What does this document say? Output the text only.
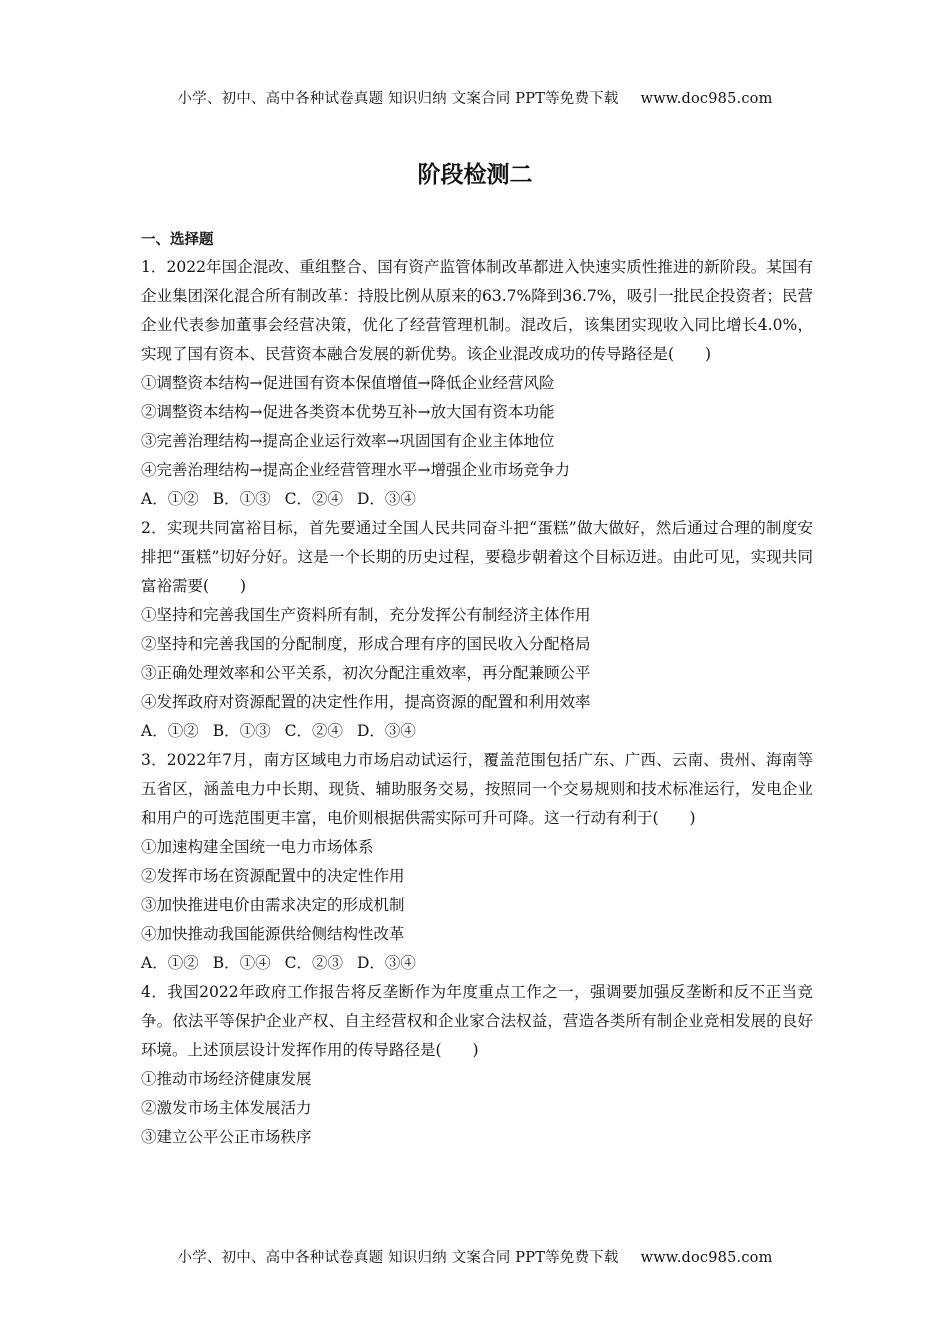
小学、初中、高中各种试卷真题 知识归纳 文案合同 PPT等免费下载 www.doc985.com
阶段检测二
一、选择题

1．2022年国企混改、重组整合、国有资产监管体制改革都进入快速实质性推进的新阶段。某国有企业集团深化混合所有制改革：持股比例从原来的63.7%降到36.7%，吸引一批民企投资者；民营企业代表参加董事会经营决策，优化了经营管理机制。混改后，该集团实现收入同比增长4.0%，实现了国有资本、民营资本融合发展的新优势。该企业混改成功的传导路径是(　　)

①调整资本结构→促进国有资本保值增值→降低企业经营风险
②调整资本结构→促进各类资本优势互补→放大国有资本功能
③完善治理结构→提高企业运行效率→巩固国有企业主体地位
④完善治理结构→提高企业经营管理水平→增强企业市场竞争力
A．①② B．①③ C．②④ D．③④

2．实现共同富裕目标，首先要通过全国人民共同奋斗把“蛋糕”做大做好，然后通过合理的制度安排把“蛋糕”切好分好。这是一个长期的历史过程，要稳步朝着这个目标迈进。由此可见，实现共同富裕需要(　　)

①坚持和完善我国生产资料所有制，充分发挥公有制经济主体作用
②坚持和完善我国的分配制度，形成合理有序的国民收入分配格局
③正确处理效率和公平关系，初次分配注重效率，再分配兼顾公平
④发挥政府对资源配置的决定性作用，提高资源的配置和利用效率
A．①② B．①③ C．②④ D．③④

3．2022年7月，南方区域电力市场启动试运行，覆盖范围包括广东、广西、云南、贵州、海南等五省区，涵盖电力中长期、现货、辅助服务交易，按照同一个交易规则和技术标准运行，发电企业和用户的可选范围更丰富，电价则根据供需实际可升可降。这一行动有利于(　　)

①加速构建全国统一电力市场体系
②发挥市场在资源配置中的决定性作用
③加快推进电价由需求决定的形成机制
④加快推动我国能源供给侧结构性改革
A．①② B．①④ C．②③ D．③④

4．我国2022年政府工作报告将反垄断作为年度重点工作之一，强调要加强反垄断和反不正当竞争。依法平等保护企业产权、自主经营权和企业家合法权益，营造各类所有制企业竞相发展的良好环境。上述顶层设计发挥作用的传导路径是(　　)

①推动市场经济健康发展
②激发市场主体发展活力
③建立公平公正市场秩序
小学、初中、高中各种试卷真题 知识归纳 文案合同 PPT等免费下载 www.doc985.com
